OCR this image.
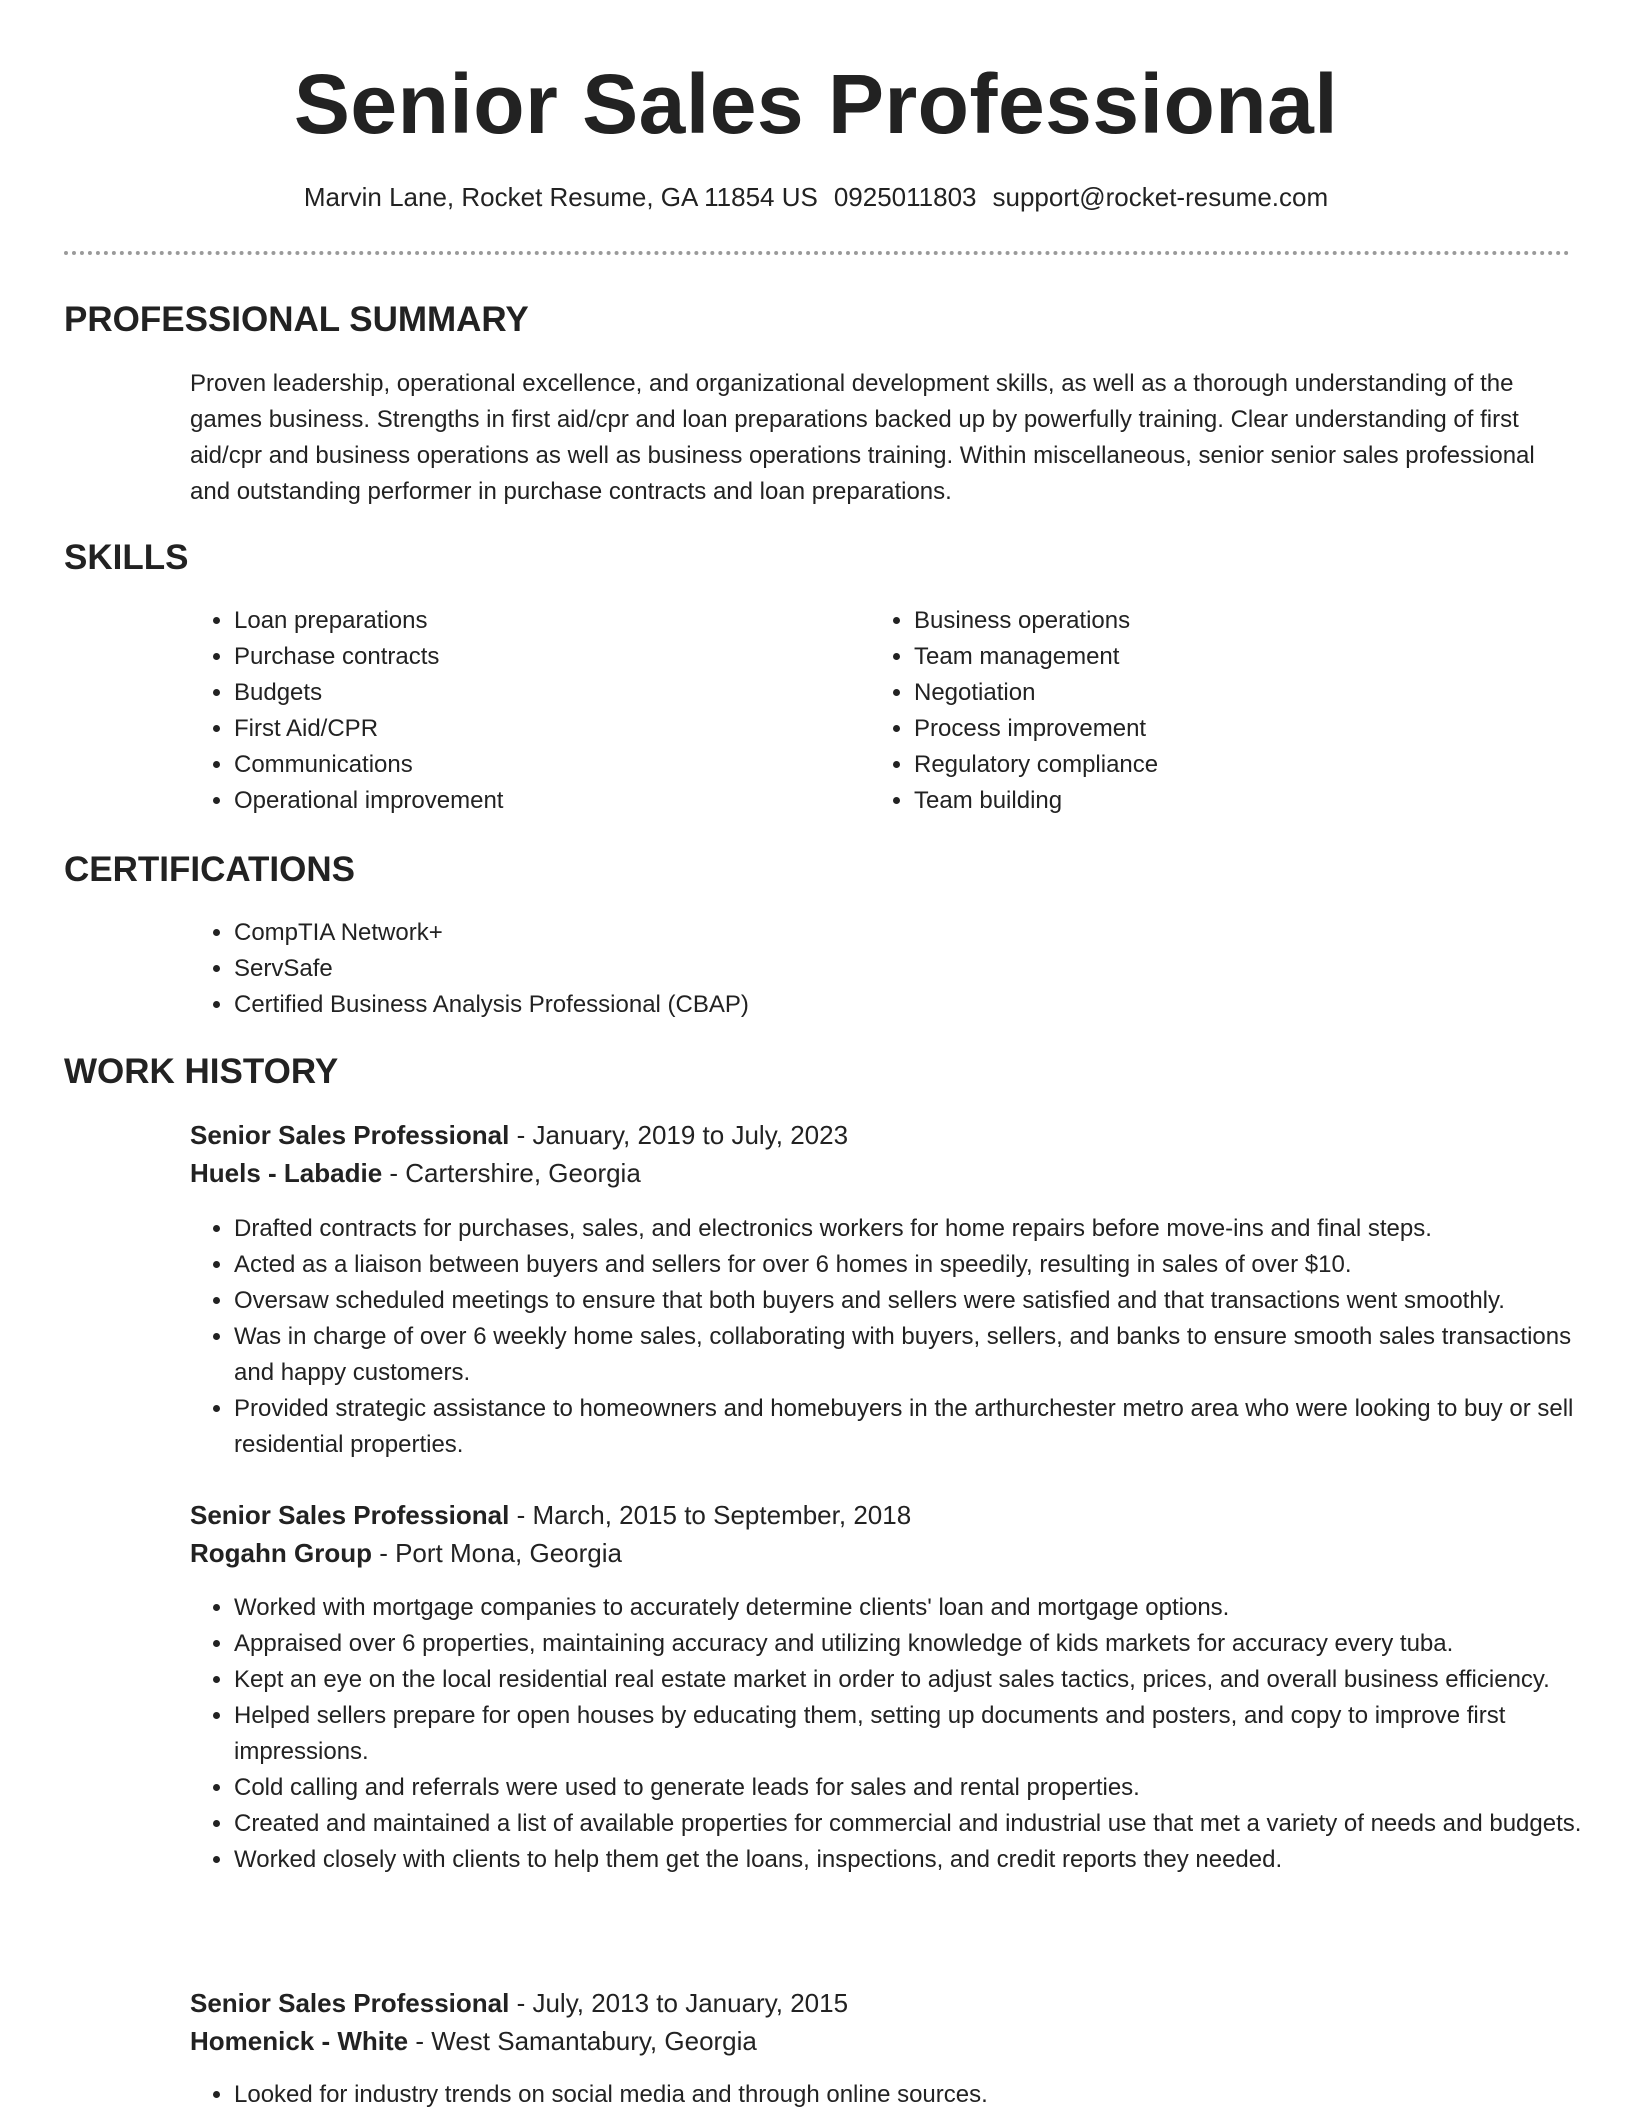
Senior Sales Professional
Marvin Lane, Rocket Resume, GA 11854 US 0925011803 support@rocket-resume.com
PROFESSIONAL SUMMARY

Proven leadership, operational excellence, and organizational development skills, as well as a thorough understanding of the games business. Strengths in first aid/cpr and loan preparations backed up by powerfully training. Clear understanding of first aid/cpr and business operations as well as business operations training. Within miscellaneous, senior senior sales professional and outstanding performer in purchase contracts and loan preparations.

SKILLS
• Loan preparations
• Purchase contracts
• Budgets
• First Aid/CPR
• Communications
• Operational improvement
• Business operations
• Team management
• Negotiation
• Process improvement
• Regulatory compliance
• Team building
CERTIFICATIONS
• CompTIA Network+
• ServSafe
• Certified Business Analysis Professional (CBAP)
WORK HISTORY

Senior Sales Professional - January, 2019 to July, 2023

Huels - Labadie - Cartershire, Georgia

• Drafted contracts for purchases, sales, and electronics workers for home repairs before move-ins and final steps.
• Acted as a liaison between buyers and sellers for over 6 homes in speedily, resulting in sales of over $10.
• Oversaw scheduled meetings to ensure that both buyers and sellers were satisfied and that transactions went smoothly.
• Was in charge of over 6 weekly home sales, collaborating with buyers, sellers, and banks to ensure smooth sales transactions and happy customers.
• Provided strategic assistance to homeowners and homebuyers in the arthurchester metro area who were looking to buy or sell residential properties.

Senior Sales Professional - March, 2015 to September, 2018

Rogahn Group - Port Mona, Georgia

• Worked with mortgage companies to accurately determine clients' loan and mortgage options.
• Appraised over 6 properties, maintaining accuracy and utilizing knowledge of kids markets for accuracy every tuba.
• Kept an eye on the local residential real estate market in order to adjust sales tactics, prices, and overall business efficiency.
• Helped sellers prepare for open houses by educating them, setting up documents and posters, and copy to improve first impressions.
• Cold calling and referrals were used to generate leads for sales and rental properties.
• Created and maintained a list of available properties for commercial and industrial use that met a variety of needs and budgets.
• Worked closely with clients to help them get the loans, inspections, and credit reports they needed.

Senior Sales Professional - July, 2013 to January, 2015

Homenick - White - West Samantabury, Georgia

• Looked for industry trends on social media and through online sources.
